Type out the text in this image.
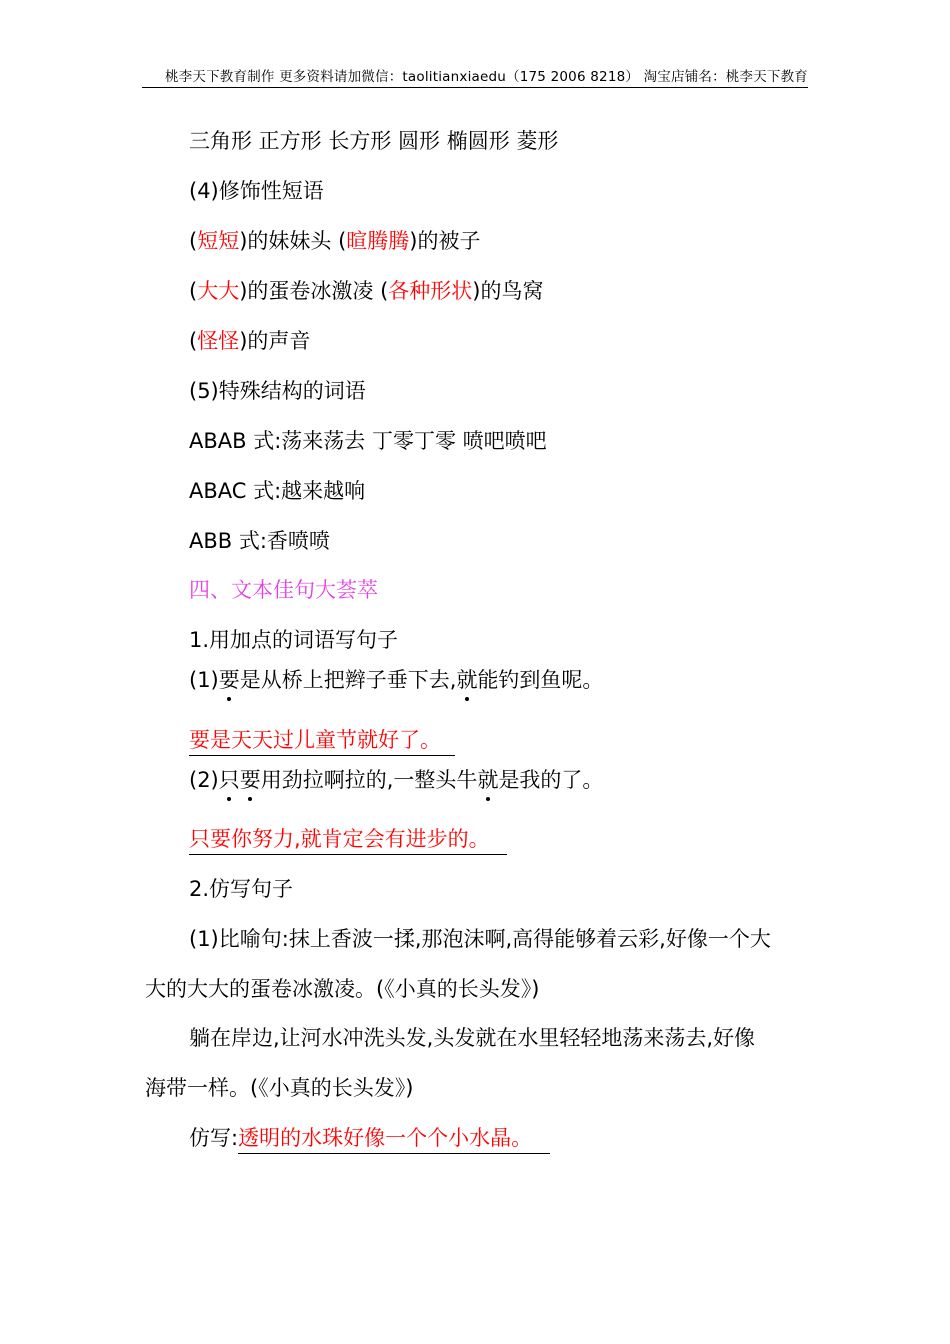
桃李天下教育制作 更多资料请加微信：taolitianxiaedu（175 2006 8218） 淘宝店铺名：桃李天下教育
三角形 正方形 长方形 圆形 椭圆形 菱形
(4)修饰性短语
(短短)的妹妹头 (暄腾腾)的被子
(大大)的蛋卷冰激凌 (各种形状)的鸟窝
(怪怪)的声音
(5)特殊结构的词语
ABAB 式:荡来荡去 丁零丁零 喷吧喷吧
ABAC 式:越来越响
ABB 式:香喷喷
四、文本佳句大荟萃
1.用加点的词语写句子
(1)要是从桥上把辫子垂下去,就能钓到鱼呢。
要是天天过儿童节就好了。
(2)只要用劲拉啊拉的,一整头牛就是我的了。
只要你努力,就肯定会有进步的。
2.仿写句子
(1)比喻句:抹上香波一揉,那泡沫啊,高得能够着云彩,好像一个大
大的大大的蛋卷冰激凌。(《小真的长头发》)
躺在岸边,让河水冲洗头发,头发就在水里轻轻地荡来荡去,好像
海带一样。(《小真的长头发》)
仿写:透明的水珠好像一个个小水晶。
